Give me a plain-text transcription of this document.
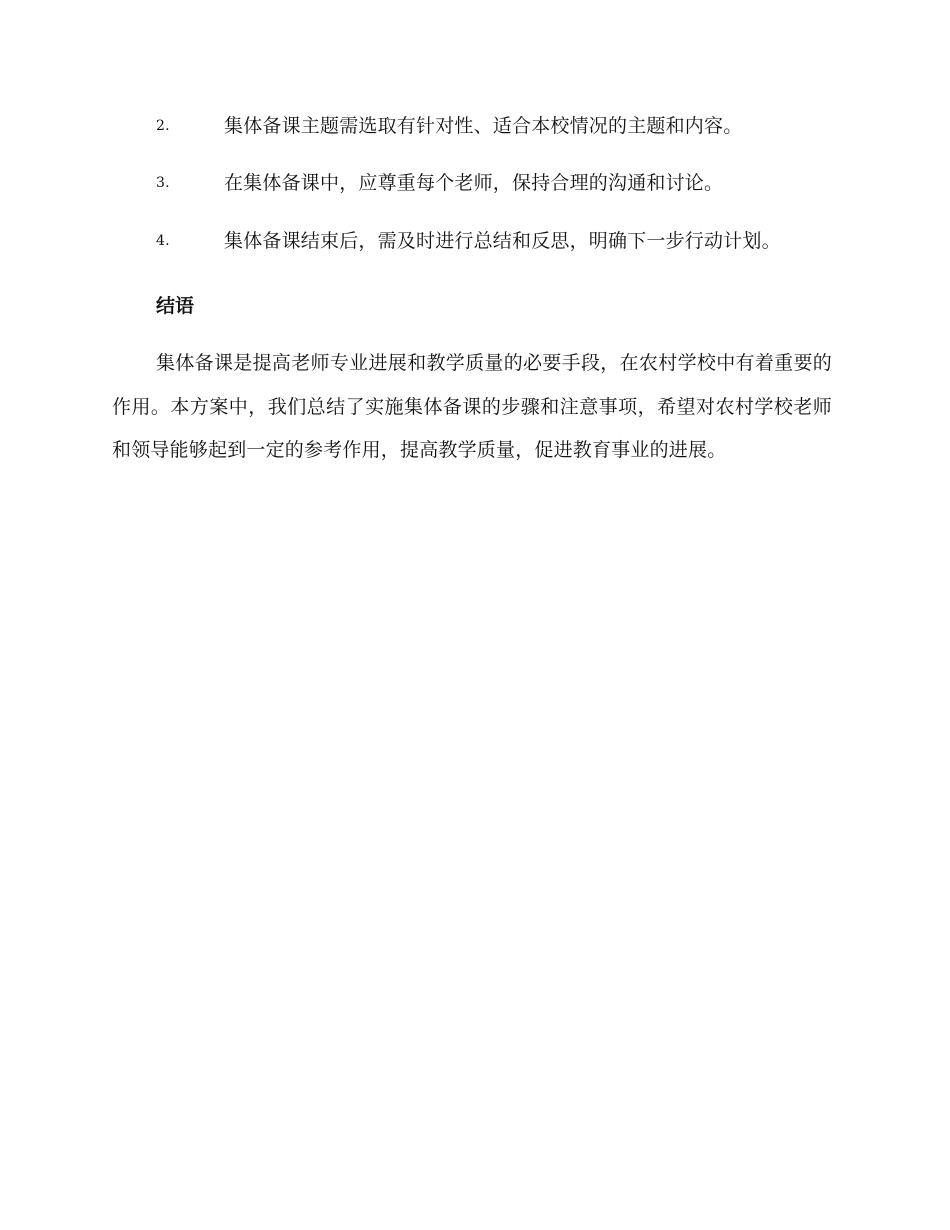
2.	集体备课主题需选取有针对性、适合本校情况的主题和内容。
3.	在集体备课中，应尊重每个老师，保持合理的沟通和讨论。
4.	集体备课结束后，需及时进行总结和反思，明确下一步行动计划。
结语
集体备课是提高老师专业进展和教学质量的必要手段，在农村学校中有着重要的作用。本方案中，我们总结了实施集体备课的步骤和注意事项，希望对农村学校老师和领导能够起到一定的参考作用，提高教学质量，促进教育事业的进展。
